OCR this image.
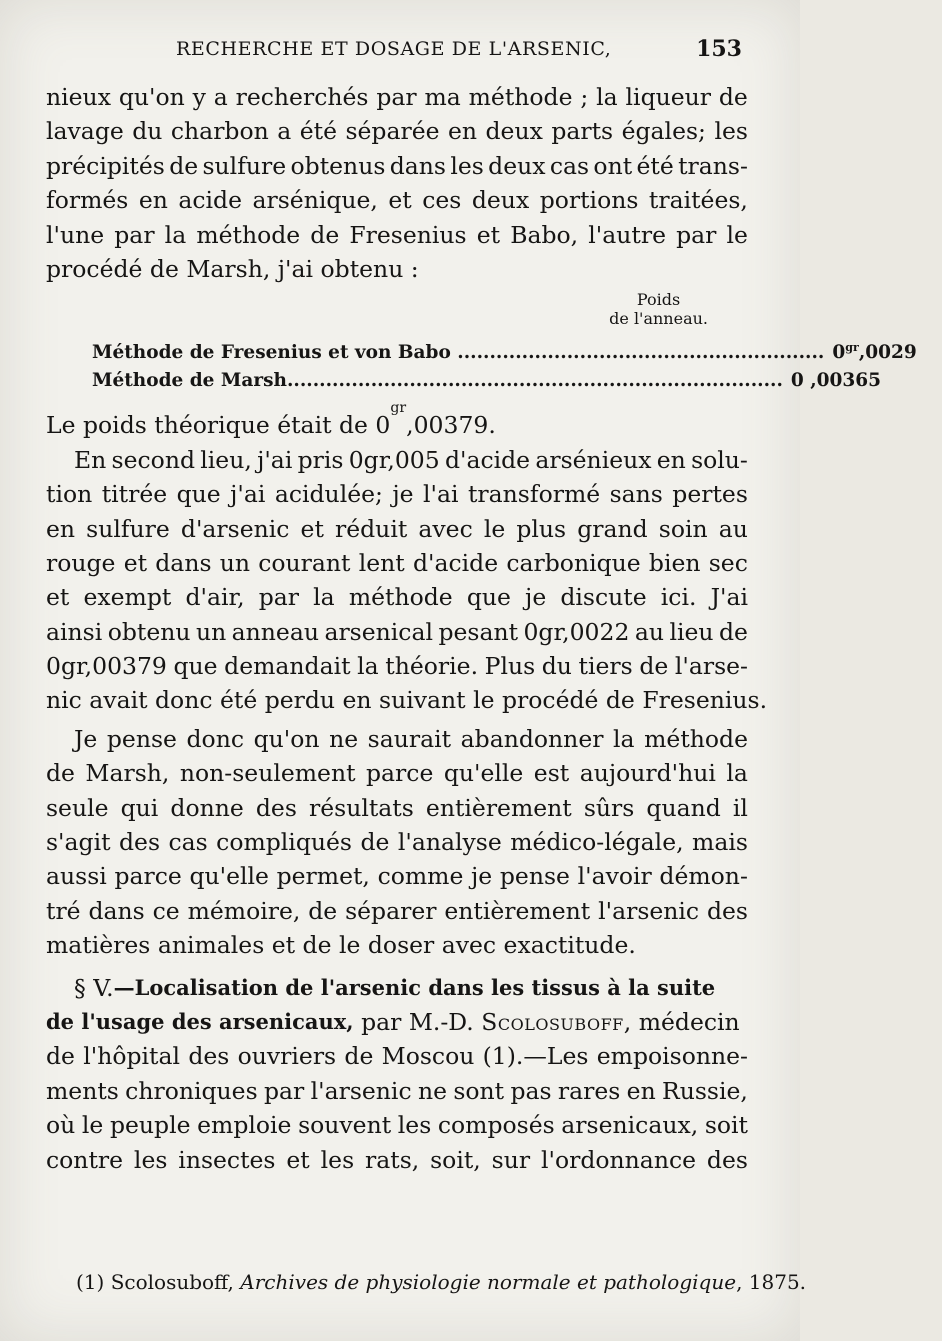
RECHERCHE ET DOSAGE DE L'ARSENIC,	153
nieux qu'on y a recherchés par ma méthode ; la liqueur de
lavage du charbon a été séparée en deux parts égales; les
précipités de sulfure obtenus dans les deux cas ont été trans-
formés en acide arsénique, et ces deux portions traitées,
l'une par la méthode de Fresenius et Babo, l'autre par le
procédé de Marsh, j'ai obtenu :
Poids
de l'anneau.
Méthode de Fresenius et von Babo ......................................................... $0^{gr},0029$
Méthode de Marsh ............................................................................. 0 ,00365
Le poids théorique était de 0
gr
,00379.
En second lieu, j'ai pris 0gr,005 d'acide arsénieux en solu-
tion titrée que j'ai acidulée; je l'ai transformé sans pertes
en sulfure d'arsenic et réduit avec le plus grand soin au
rouge et dans un courant lent d'acide carbonique bien sec
et exempt d'air, par la méthode que je discute ici. J'ai
ainsi obtenu un anneau arsenical pesant 0gr,0022 au lieu de
0gr,00379 que demandait la théorie. Plus du tiers de l'arse-
nic avait donc été perdu en suivant le procédé de Fresenius.
Je pense donc qu'on ne saurait abandonner la méthode
de Marsh, non-seulement parce qu'elle est aujourd'hui la
seule qui donne des résultats entièrement sûrs quand il
s'agit des cas compliqués de l'analyse médico-légale, mais
aussi parce qu'elle permet, comme je pense l'avoir démon-
tré dans ce mémoire, de séparer entièrement l'arsenic des
matières animales et de le doser avec exactitude.
§ V. —Localisation de l'arsenic dans les tissus à la suite
de l'usage des arsenicaux, par M.-D. Scolosuboff , médecin
de l'hôpital des ouvriers de Moscou (1).—Les empoisonne-
ments chroniques par l'arsenic ne sont pas rares en Russie,
où le peuple emploie souvent les composés arsenicaux, soit
contre les insectes et les rats, soit, sur l'ordonnance des
(1) Scolosuboff, Archives de physiologie normale et pathologique, 1875.
